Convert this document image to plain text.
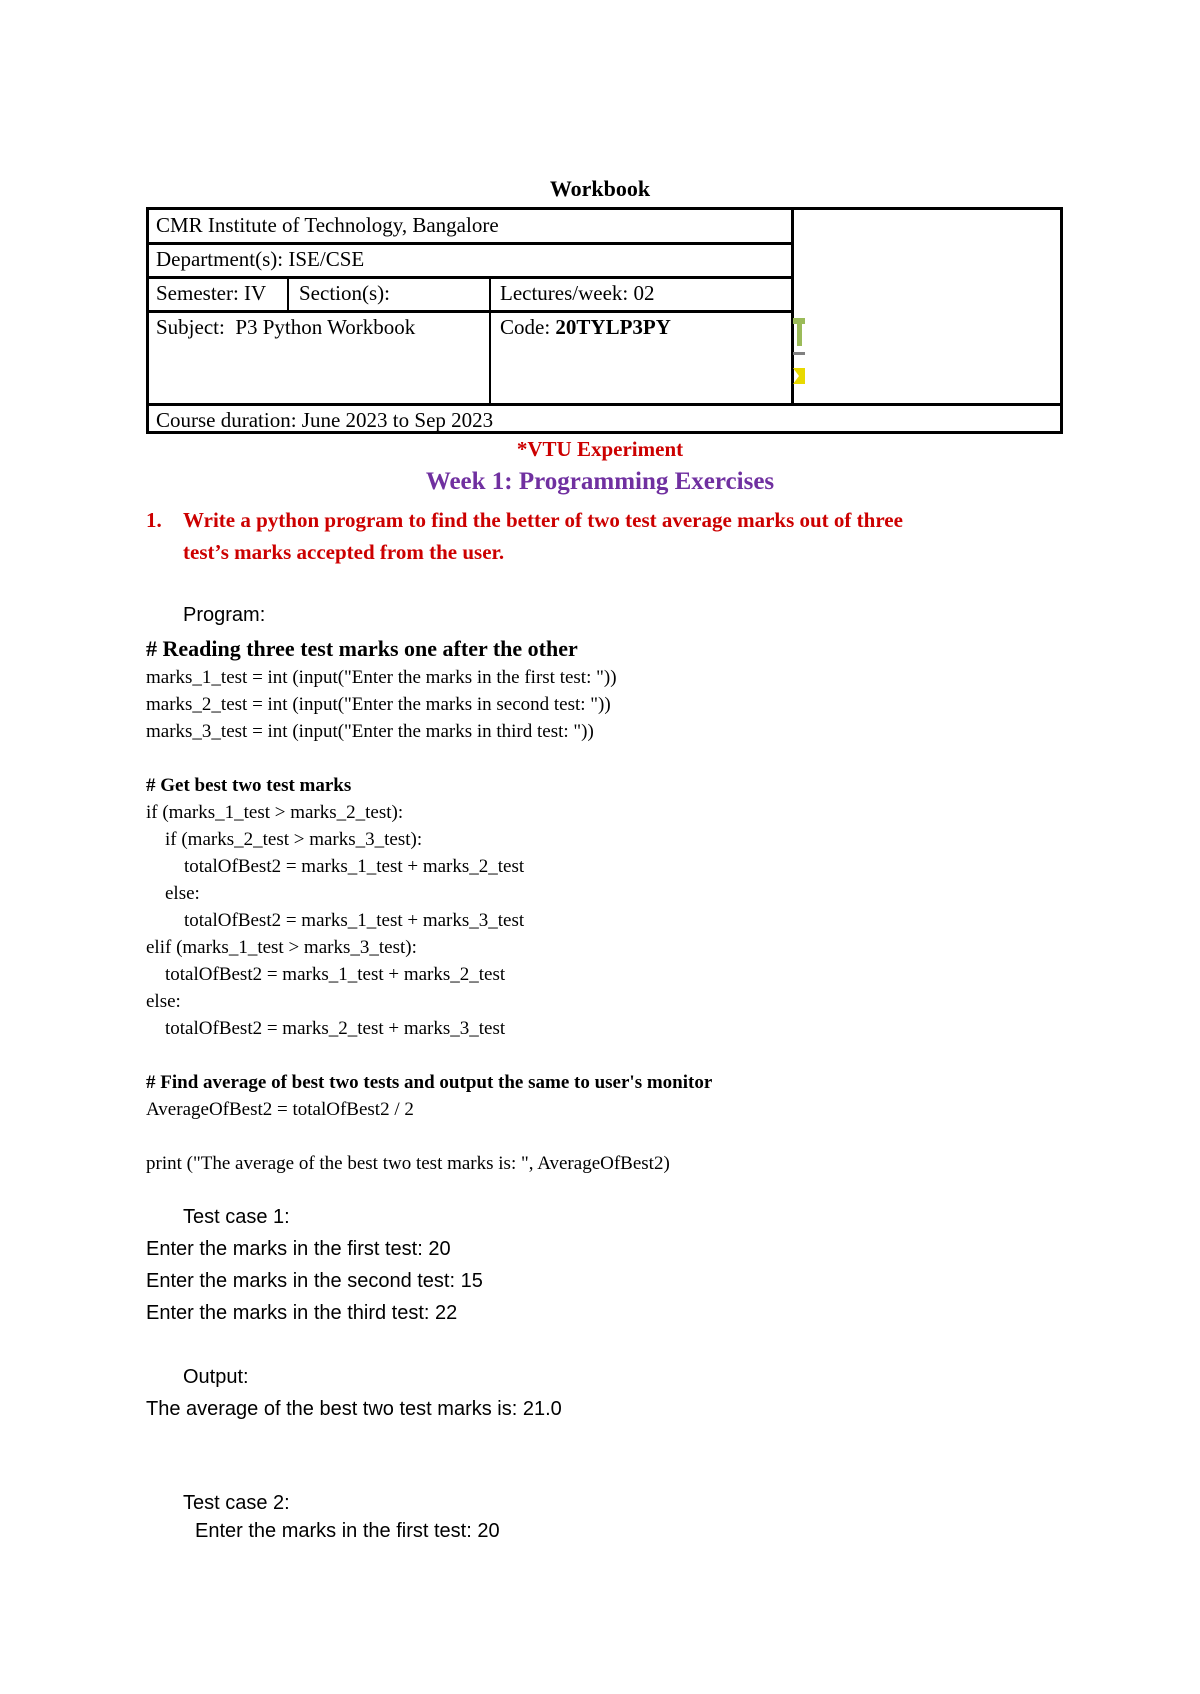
Workbook
CMR Institute of Technology, Bangalore
Department(s): ISE/CSE
Semester: IV Section(s):	Lectures/week: 02
Subject:  P3 Python Workbook	Code: 20TYLP3PY
Course duration: June 2023 to Sep 2023
*VTU Experiment
Week 1: Programming Exercises
1. Write a python program to find the better of two test average marks out of three
test’s marks accepted from the user.
Program:
# Reading three test marks one after the other
marks_1_test = int (input("Enter the marks in the first test: "))
marks_2_test = int (input("Enter the marks in second test: "))
marks_3_test = int (input("Enter the marks in third test: "))
# Get best two test marks
if (marks_1_test > marks_2_test):
if (marks_2_test > marks_3_test):
totalOfBest2 = marks_1_test + marks_2_test
else:
totalOfBest2 = marks_1_test + marks_3_test
elif (marks_1_test > marks_3_test):
totalOfBest2 = marks_1_test + marks_2_test
else:
totalOfBest2 = marks_2_test + marks_3_test
# Find average of best two tests and output the same to user's monitor
AverageOfBest2 = totalOfBest2 / 2
print ("The average of the best two test marks is: ", AverageOfBest2)
Test case 1:
Enter the marks in the first test: 20
Enter the marks in the second test: 15
Enter the marks in the third test: 22
Output:
The average of the best two test marks is: 21.0
Test case 2:
Enter the marks in the first test: 20
